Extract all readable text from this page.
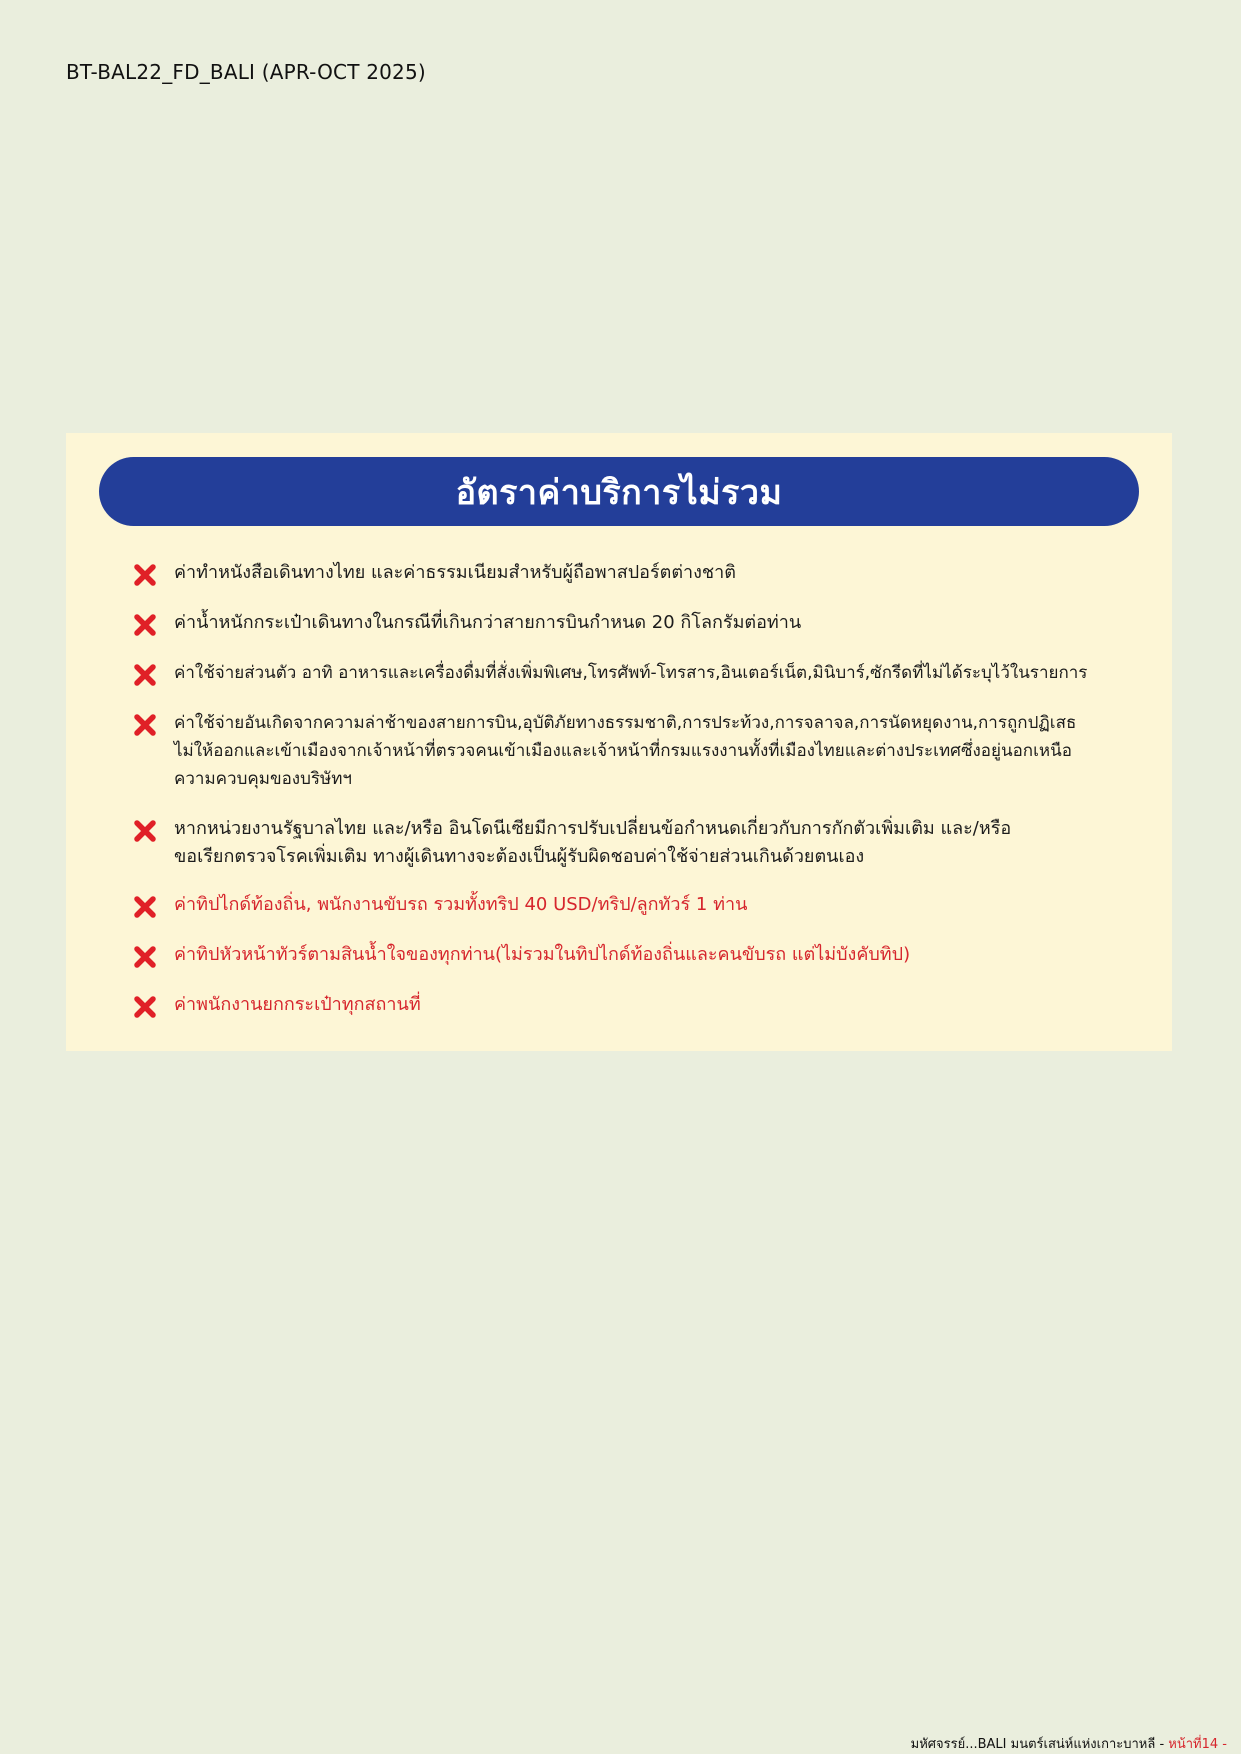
BT-BAL22_FD_BALI (APR-OCT 2025)
อัตราค่าบริการไม่รวม
ค่าทำหนังสือเดินทางไทย และค่าธรรมเนียมสำหรับผู้ถือพาสปอร์ตต่างชาติ
ค่าน้ำหนักกระเป๋าเดินทางในกรณีที่เกินกว่าสายการบินกำหนด 20 กิโลกรัมต่อท่าน
ค่าใช้จ่ายส่วนตัว อาทิ อาหารและเครื่องดื่มที่สั่งเพิ่มพิเศษ,โทรศัพท์-โทรสาร,อินเตอร์เน็ต,มินิบาร์,ซักรีดที่ไม่ได้ระบุไว้ในรายการ
ค่าใช้จ่ายอันเกิดจากความล่าช้าของสายการบิน,อุบัติภัยทางธรรมชาติ,การประท้วง,การจลาจล,การนัดหยุดงาน,การถูกปฏิเสธ
ไม่ให้ออกและเข้าเมืองจากเจ้าหน้าที่ตรวจคนเข้าเมืองและเจ้าหน้าที่กรมแรงงานทั้งที่เมืองไทยและต่างประเทศซึ่งอยู่นอกเหนือ
ความควบคุมของบริษัทฯ
หากหน่วยงานรัฐบาลไทย และ/หรือ อินโดนีเซียมีการปรับเปลี่ยนข้อกำหนดเกี่ยวกับการกักตัวเพิ่มเติม และ/หรือ
ขอเรียกตรวจโรคเพิ่มเติม ทางผู้เดินทางจะต้องเป็นผู้รับผิดชอบค่าใช้จ่ายส่วนเกินด้วยตนเอง
ค่าทิปไกด์ท้องถิ่น, พนักงานขับรถ รวมทั้งทริป 40 USD/ทริป/ลูกทัวร์ 1 ท่าน
ค่าทิปหัวหน้าทัวร์ตามสินน้ำใจของทุกท่าน(ไม่รวมในทิปไกด์ท้องถิ่นและคนขับรถ แต่ไม่บังคับทิป)
ค่าพนักงานยกกระเป๋าทุกสถานที่
มหัศจรรย์...BALI มนตร์เสน่ห์แห่งเกาะบาหลี - หน้าที่14 -
